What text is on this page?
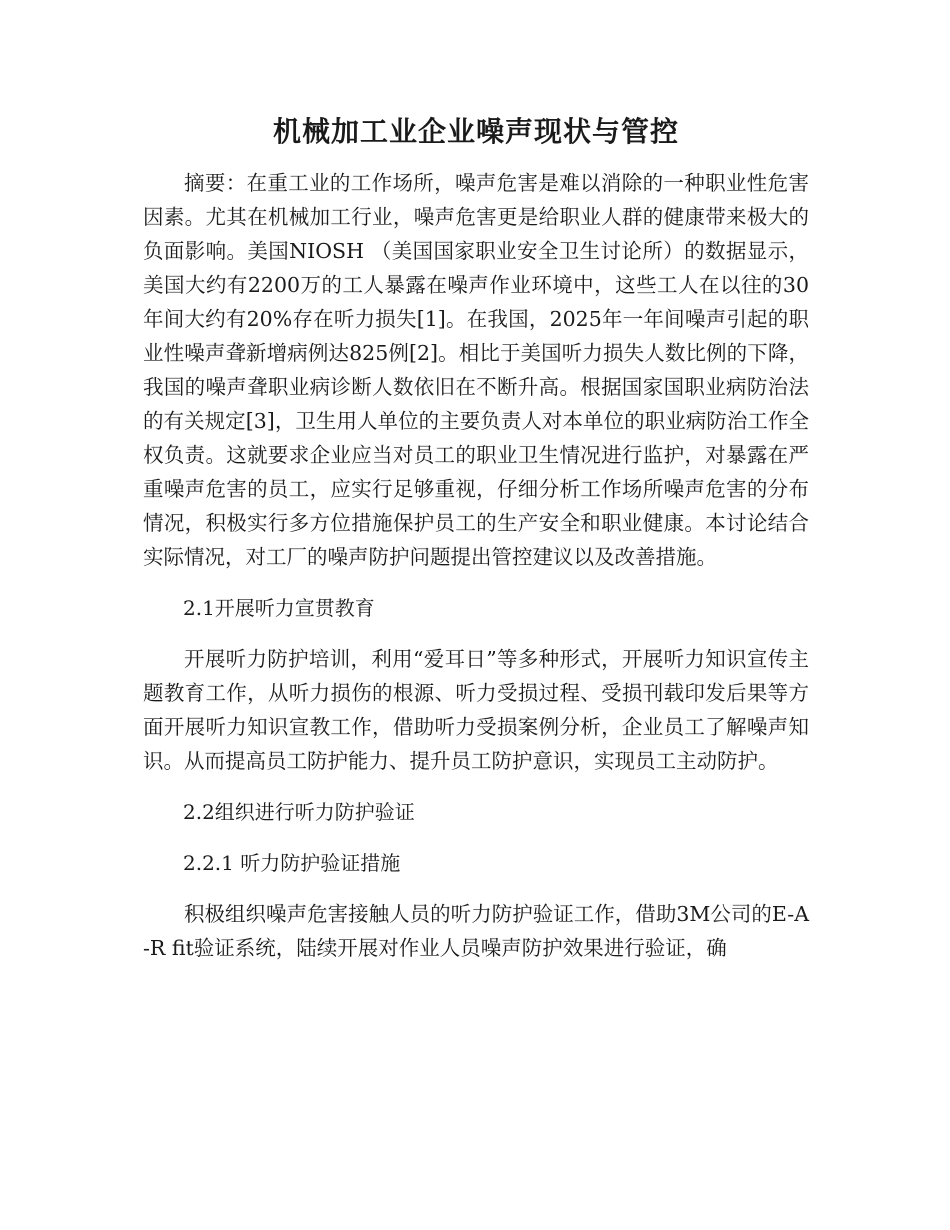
机械加工业企业噪声现状与管控

摘要：在重工业的工作场所，噪声危害是难以消除的一种职业性危害因素。尤其在机械加工行业，噪声危害更是给职业人群的健康带来极大的负面影响。美国NIOSH （美国国家职业安全卫生讨论所）的数据显示，美国大约有2200万的工人暴露在噪声作业环境中，这些工人在以往的30年间大约有20%存在听力损失[1]。在我国，2025年一年间噪声引起的职业性噪声聋新增病例达825例[2]。相比于美国听力损失人数比例的下降，我国的噪声聋职业病诊断人数依旧在不断升高。根据国家国职业病防治法的有关规定[3]，卫生用人单位的主要负责人对本单位的职业病防治工作全权负责。这就要求企业应当对员工的职业卫生情况进行监护，对暴露在严重噪声危害的员工，应实行足够重视，仔细分析工作场所噪声危害的分布情况，积极实行多方位措施保护员工的生产安全和职业健康。本讨论结合实际情况，对工厂的噪声防护问题提出管控建议以及改善措施。

2.1开展听力宣贯教育

开展听力防护培训，利用“爱耳日”等多种形式，开展听力知识宣传主题教育工作，从听力损伤的根源、听力受损过程、受损刊载印发后果等方面开展听力知识宣教工作，借助听力受损案例分析，企业员工了解噪声知识。从而提高员工防护能力、提升员工防护意识，实现员工主动防护。

2.2组织进行听力防护验证

2.2.1 听力防护验证措施

积极组织噪声危害接触人员的听力防护验证工作，借助3M公司的E-A-R fit验证系统，陆续开展对作业人员噪声防护效果进行验证，确
